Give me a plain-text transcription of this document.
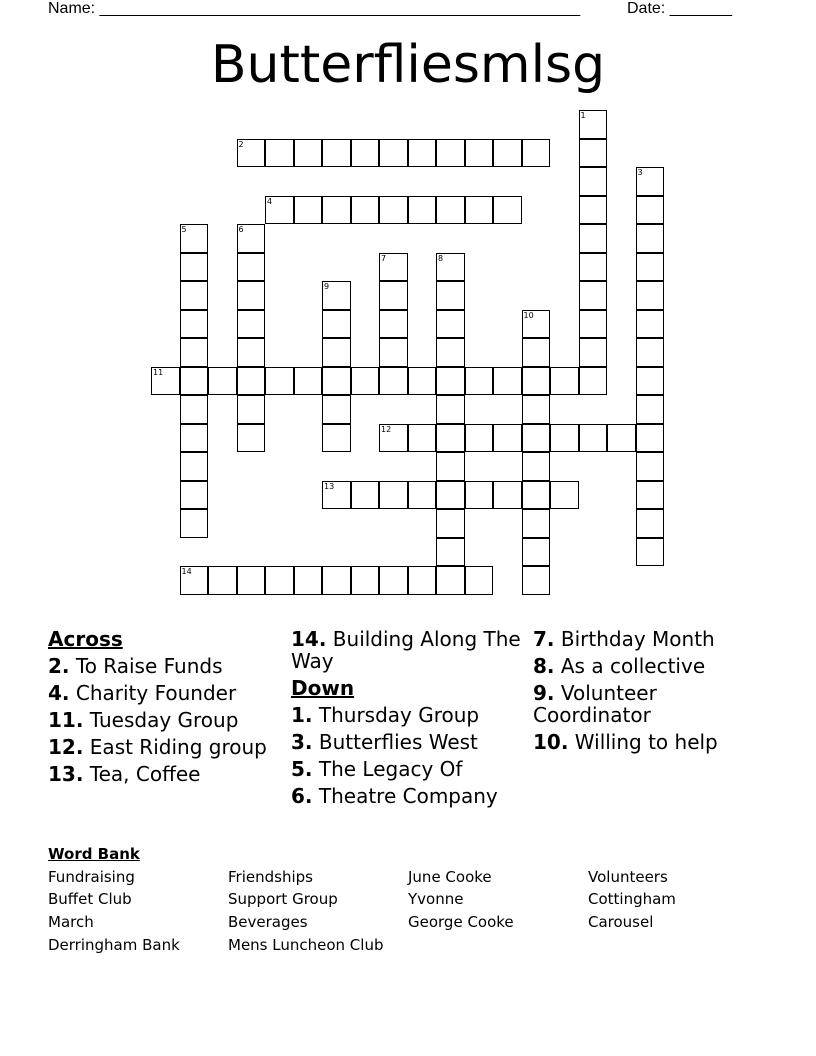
Name: ______________________________________________________	Date: _______
Butterfliesmlsg
1
2
3
4
5	6
7	8
9
10
11
12
13
14
Across
2. To Raise Funds
4. Charity Founder
11. Tuesday Group
12. East Riding group
13. Tea, Coffee
14. Building Along The Way
Down
1. Thursday Group
3. Butterflies West
5. The Legacy Of
6. Theatre Company
7. Birthday Month
8. As a collective
9. Volunteer Coordinator
10. Willing to help
Word Bank
Fundraising	Friendships	June Cooke	Volunteers
Buffet Club	Support Group	Yvonne	Cottingham
March	Beverages	George Cooke	Carousel
Derringham Bank	Mens Luncheon Club
